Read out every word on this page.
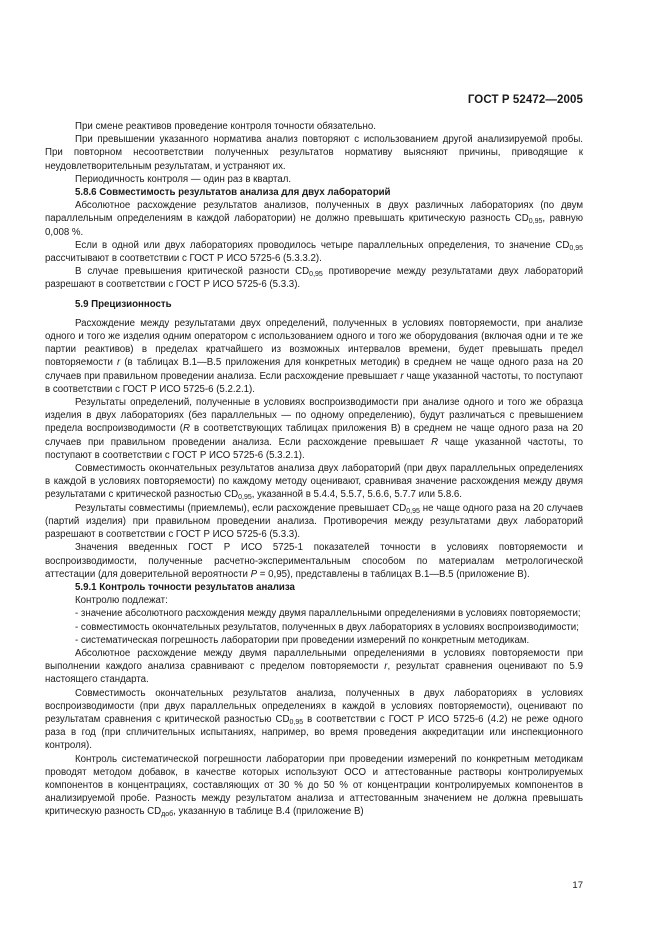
ГОСТ Р 52472—2005

При смене реактивов проведение контроля точности обязательно.

При превышении указанного норматива анализ повторяют с использованием другой анализируемой пробы. При повторном несоответствии полученных результатов нормативу выясняют причины, приводящие к неудовлетворительным результатам, и устраняют их.

Периодичность контроля — один раз в квартал.

5.8.6 Совместимость результатов анализа для двух лабораторий

Абсолютное расхождение результатов анализов, полученных в двух различных лабораториях (по двум параллельным определениям в каждой лаборатории) не должно превышать критическую разность $CD_{0,95}$, равную 0,008 %.

Если в одной или двух лабораториях проводилось четыре параллельных определения, то значение $CD_{0,95}$ рассчитывают в соответствии с ГОСТ Р ИСО 5725-6 (5.3.3.2).

В случае превышения критической разности $CD_{0,95}$ противоречие между результатами двух лабораторий разрешают в соответствии с ГОСТ Р ИСО 5725-6 (5.3.3).

5.9 Прецизионность

Расхождение между результатами двух определений, полученных в условиях повторяемости, при анализе одного и того же изделия одним оператором с использованием одного и того же оборудования (включая одни и те же партии реактивов) в пределах кратчайшего из возможных интервалов времени, будет превышать предел повторяемости r (в таблицах В.1—В.5 приложения для конкретных методик) в среднем не чаще одного раза на 20 случаев при правильном проведении анализа. Если расхождение превышает r чаще указанной частоты, то поступают в соответствии с ГОСТ Р ИСО 5725-6 (5.2.2.1).

Результаты определений, полученные в условиях воспроизводимости при анализе одного и того же образца изделия в двух лабораториях (без параллельных — по одному определению), будут различаться с превышением предела воспроизводимости (R в соответствующих таблицах приложения В) в среднем не чаще одного раза на 20 случаев при правильном проведении анализа. Если расхождение превышает R чаще указанной частоты, то поступают в соответствии с ГОСТ Р ИСО 5725-6 (5.3.2.1).

Совместимость окончательных результатов анализа двух лабораторий (при двух параллельных определениях в каждой в условиях повторяемости) по каждому методу оценивают, сравнивая значение расхождения между двумя результатами с критической разностью $CD_{0,95}$, указанной в 5.4.4, 5.5.7, 5.6.6, 5.7.7 или 5.8.6.

Результаты совместимы (приемлемы), если расхождение превышает $CD_{0,95}$ не чаще одного раза на 20 случаев (партий изделия) при правильном проведении анализа. Противоречия между результатами двух лабораторий разрешают в соответствии с ГОСТ Р ИСО 5725-6 (5.3.3).

Значения введенных ГОСТ Р ИСО 5725-1 показателей точности в условиях повторяемости и воспроизводимости, полученные расчетно-экспериментальным способом по материалам метрологической аттестации (для доверительной вероятности P = 0,95), представлены в таблицах В.1—В.5 (приложение В).

5.9.1 Контроль точности результатов анализа

Контролю подлежат:

- значение абсолютного расхождения между двумя параллельными определениями в условиях повторяемости;

- совместимость окончательных результатов, полученных в двух лабораториях в условиях воспроизводимости;

- систематическая погрешность лаборатории при проведении измерений по конкретным методикам.

Абсолютное расхождение между двумя параллельными определениями в условиях повторяемости при выполнении каждого анализа сравнивают с пределом повторяемости r, результат сравнения оценивают по 5.9 настоящего стандарта.

Совместимость окончательных результатов анализа, полученных в двух лабораториях в условиях воспроизводимости (при двух параллельных определениях в каждой в условиях повторяемости), оценивают по результатам сравнения с критической разностью $CD_{0,95}$ в соответствии с ГОСТ Р ИСО 5725-6 (4.2) не реже одного раза в год (при спличительных испытаниях, например, во время проведения аккредитации или инспекционного контроля).

Контроль систематической погрешности лаборатории при проведении измерений по конкретным методикам проводят методом добавок, в качестве которых используют ОСО и аттестованные растворы контролируемых компонентов в концентрациях, составляющих от 30 % до 50 % от концентрации контролируемых компонентов в анализируемой пробе. Разность между результатом анализа и аттестованным значением не должна превышать критическую разность $CD_{доб}$, указанную в таблице В.4 (приложение В)

17
